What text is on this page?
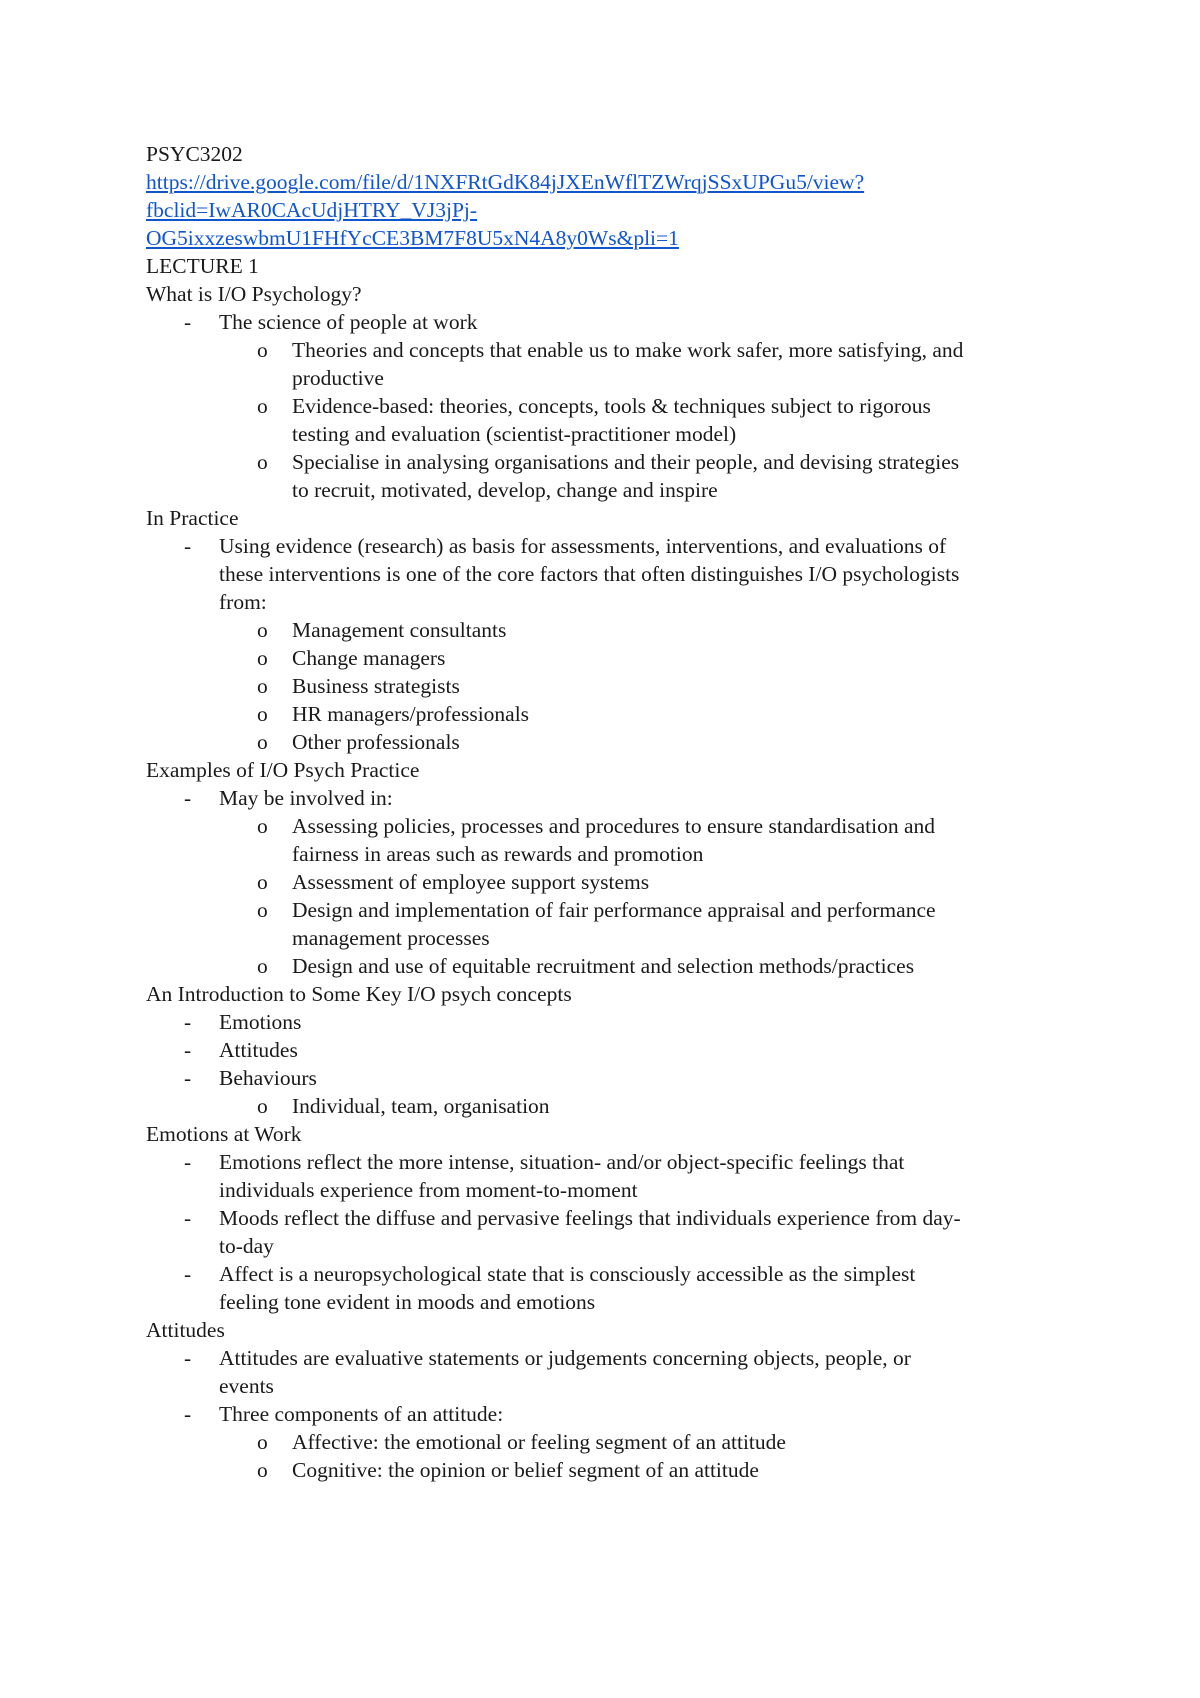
PSYC3202

https://drive.google.com/file/d/1NXFRtGdK84jJXEnWflTZWrqjSSxUPGu5/view?
fbclid=IwAR0CAcUdjHTRY_VJ3jPj-
OG5ixxzeswbmU1FHfYcCE3BM7F8U5xN4A8y0Ws&pli=1

LECTURE 1

What is I/O Psychology?

- The science of people at work
o Theories and concepts that enable us to make work safer, more satisfying, and
productive
o Evidence-based: theories, concepts, tools & techniques subject to rigorous
testing and evaluation (scientist-practitioner model)
o Specialise in analysing organisations and their people, and devising strategies
to recruit, motivated, develop, change and inspire

In Practice

- Using evidence (research) as basis for assessments, interventions, and evaluations of
these interventions is one of the core factors that often distinguishes I/O psychologists
from:
o Management consultants
o Change managers
o Business strategists
o HR managers/professionals
o Other professionals

Examples of I/O Psych Practice

- May be involved in:
o Assessing policies, processes and procedures to ensure standardisation and
fairness in areas such as rewards and promotion
o Assessment of employee support systems
o Design and implementation of fair performance appraisal and performance
management processes
o Design and use of equitable recruitment and selection methods/practices

An Introduction to Some Key I/O psych concepts

- Emotions
- Attitudes
- Behaviours
o Individual, team, organisation

Emotions at Work

- Emotions reflect the more intense, situation- and/or object-specific feelings that
individuals experience from moment-to-moment
- Moods reflect the diffuse and pervasive feelings that individuals experience from day-
to-day
- Affect is a neuropsychological state that is consciously accessible as the simplest
feeling tone evident in moods and emotions

Attitudes

- Attitudes are evaluative statements or judgements concerning objects, people, or
events
- Three components of an attitude:
o Affective: the emotional or feeling segment of an attitude
o Cognitive: the opinion or belief segment of an attitude
